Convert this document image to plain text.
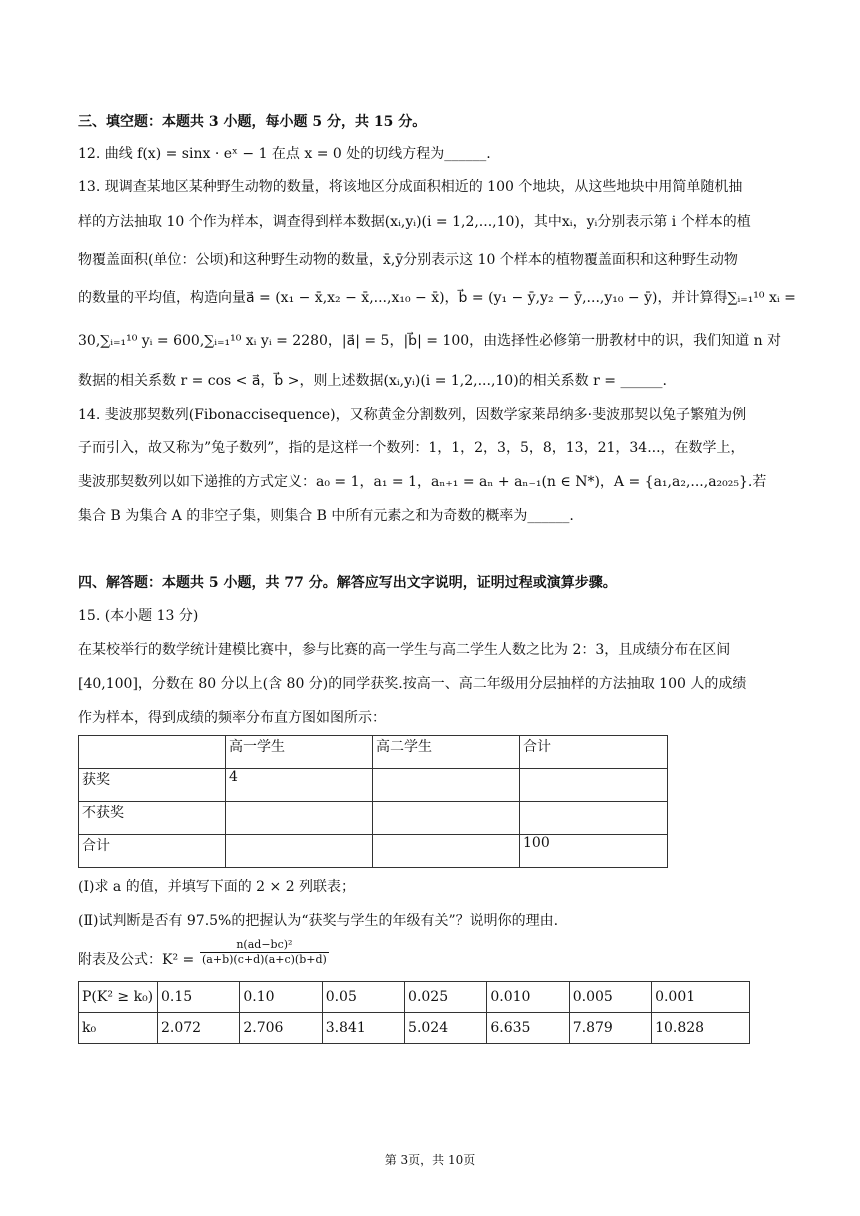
三、填空题：本题共 3 小题，每小题 5 分，共 15 分。
12. 曲线 f(x) = sinx · eˣ − 1 在点 x = 0 处的切线方程为______.
13. 现调查某地区某种野生动物的数量，将该地区分成面积相近的 100 个地块，从这些地块中用简单随机抽
样的方法抽取 10 个作为样本，调查得到样本数据(xᵢ,yᵢ)(i = 1,2,...,10)，其中xᵢ，yᵢ分别表示第 i 个样本的植
物覆盖面积(单位：公顷)和这种野生动物的数量，x̄,ȳ分别表示这 10 个样本的植物覆盖面积和这种野生动物
的数量的平均值，构造向量a⃗ = (x₁ − x̄,x₂ − x̄,...,x₁₀ − x̄)，b⃗ = (y₁ − ȳ,y₂ − ȳ,...,y₁₀ − ȳ)，并计算得∑ᵢ₌₁¹⁰ xᵢ =
30,∑ᵢ₌₁¹⁰ yᵢ = 600,∑ᵢ₌₁¹⁰ xᵢ yᵢ = 2280，|a⃗| = 5，|b⃗| = 100，由选择性必修第一册教材中的识，我们知道 n 对
数据的相关系数 r = cos < a⃗，b⃗ >，则上述数据(xᵢ,yᵢ)(i = 1,2,...,10)的相关系数 r = ______.
14. 斐波那契数列(Fibonaccisequence)，又称黄金分割数列，因数学家莱昂纳多·斐波那契以兔子繁殖为例
子而引入，故又称为”兔子数列”，指的是这样一个数列：1，1，2，3，5，8，13，21，34...，在数学上，
斐波那契数列以如下递推的方式定义：a₀ = 1，a₁ = 1，aₙ₊₁ = aₙ + aₙ₋₁(n ∈ N*)，A = {a₁,a₂,...,a₂₀₂₅}.若
集合 B 为集合 A 的非空子集，则集合 B 中所有元素之和为奇数的概率为______.
四、解答题：本题共 5 小题，共 77 分。解答应写出文字说明，证明过程或演算步骤。
15. (本小题 13 分)
在某校举行的数学统计建模比赛中，参与比赛的高一学生与高二学生人数之比为 2：3，且成绩分布在区间
[40,100]，分数在 80 分以上(含 80 分)的同学获奖.按高一、高二年级用分层抽样的方法抽取 100 人的成绩
作为样本，得到成绩的频率分布直方图如图所示：
	高一学生	高二学生	合计
获奖	4		
不获奖			
合计			100
(Ⅰ)求 a 的值，并填写下面的 2 × 2 列联表；
(Ⅱ)试判断是否有 97.5%的把握认为“获奖与学生的年级有关”？说明你的理由.
附表及公式：$K^2 = \frac{\text{n(ad−bc)²}}{(a+b)(c+d)(a+c)(b+d)}$
P(K² ≥ k₀)	0.15	0.10	0.05	0.025	0.010	0.005	0.001
k₀	2.072	2.706	3.841	5.024	6.635	7.879	10.828
第 3页，共 10页
